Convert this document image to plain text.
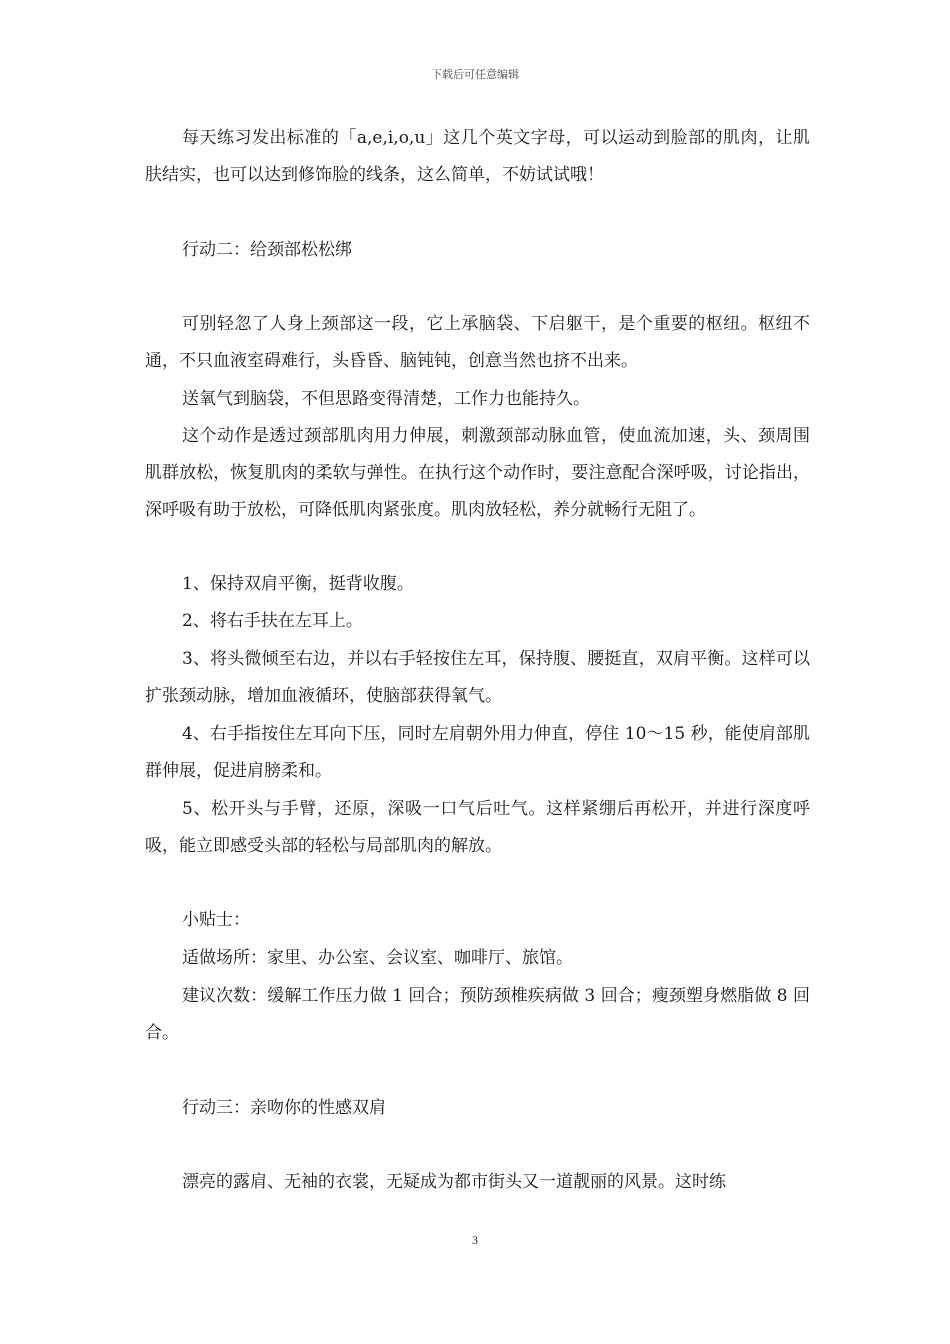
下载后可任意编辑

每天练习发出标准的「a,e,i,o,u」这几个英文字母，可以运动到脸部的肌肉，让肌肤结实，也可以达到修饰脸的线条，这么简单，不妨试试哦！

行动二：给颈部松松绑

可别轻忽了人身上颈部这一段，它上承脑袋、下启躯干，是个重要的枢纽。枢纽不通，不只血液室碍难行，头昏昏、脑钝钝，创意当然也挤不出来。

送氧气到脑袋，不但思路变得清楚，工作力也能持久。

这个动作是透过颈部肌肉用力伸展，刺激颈部动脉血管，使血流加速，头、颈周围肌群放松，恢复肌肉的柔软与弹性。在执行这个动作时，要注意配合深呼吸，讨论指出，深呼吸有助于放松，可降低肌肉紧张度。肌肉放轻松，养分就畅行无阻了。

1、保持双肩平衡，挺背收腹。

2、将右手扶在左耳上。

3、将头微倾至右边，并以右手轻按住左耳，保持腹、腰挺直，双肩平衡。这样可以扩张颈动脉，增加血液循环，使脑部获得氧气。

4、右手指按住左耳向下压，同时左肩朝外用力伸直，停住 10～15 秒，能使肩部肌群伸展，促进肩膀柔和。

5、松开头与手臂，还原，深吸一口气后吐气。这样紧绷后再松开，并进行深度呼吸，能立即感受头部的轻松与局部肌肉的解放。

小贴士：

适做场所：家里、办公室、会议室、咖啡厅、旅馆。

建议次数：缓解工作压力做 1 回合；预防颈椎疾病做 3 回合；瘦颈塑身燃脂做 8 回合。

行动三：亲吻你的性感双肩

漂亮的露肩、无袖的衣裳，无疑成为都市街头又一道靓丽的风景。这时练

3
